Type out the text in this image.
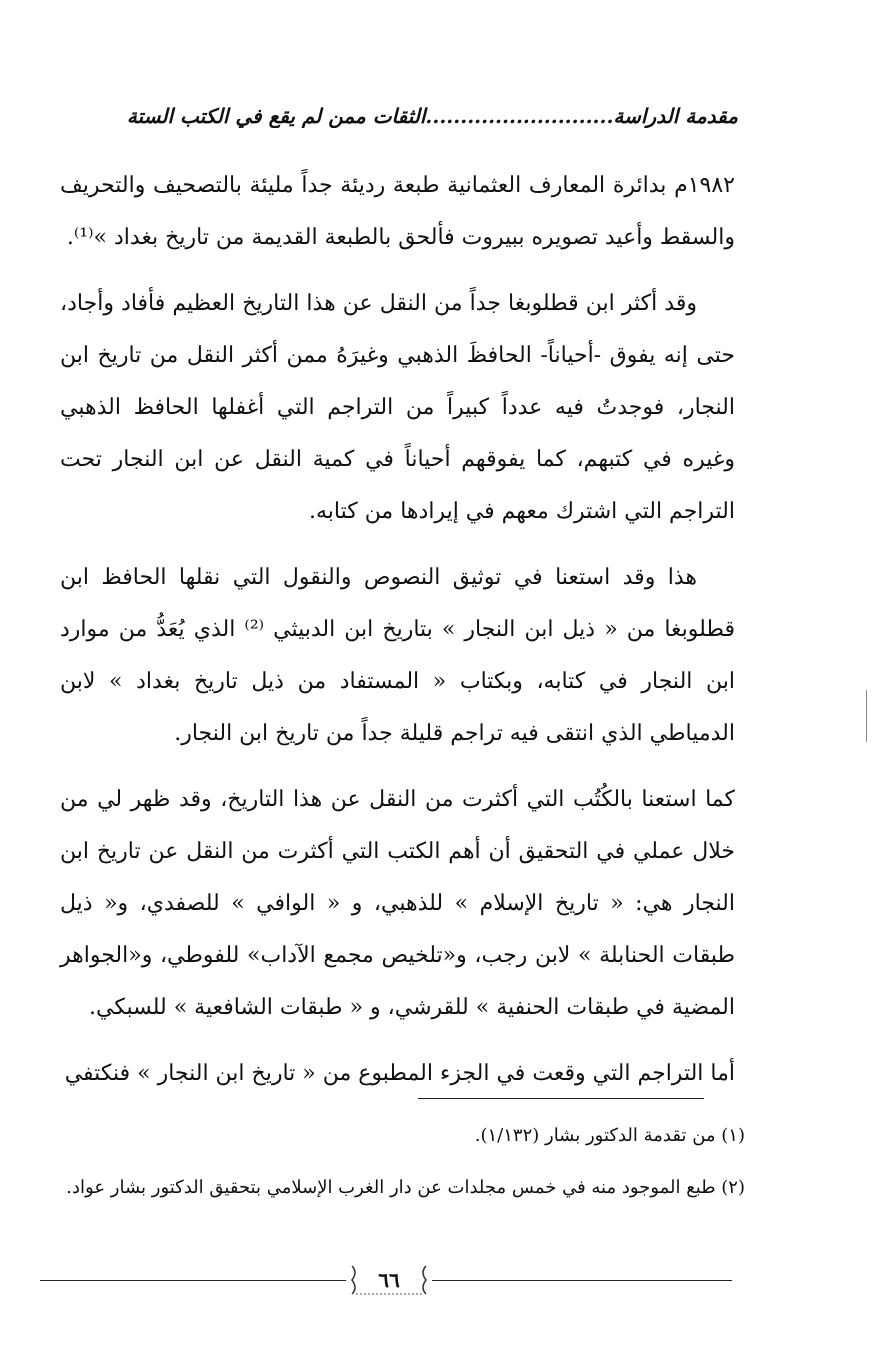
مقدمة الدراسة...........................الثقات ممن لم يقع في الكتب الستة

١٩٨٢م بدائرة المعارف العثمانية طبعة رديئة جداً مليئة بالتصحيف والتحريف والسقط وأعيد تصويره ببيروت فألحق بالطبعة القديمة من تاريخ بغداد »⁽¹⁾.

وقد أكثر ابن قطلوبغا جداً من النقل عن هذا التاريخ العظيم فأفاد وأجاد، حتى إنه يفوق -أحياناً- الحافظَ الذهبي وغيرَهُ ممن أكثر النقل من تاريخ ابن النجار، فوجدتُ فيه عدداً كبيراً من التراجم التي أغفلها الحافظ الذهبي وغيره في كتبهم، كما يفوقهم أحياناً في كمية النقل عن ابن النجار تحت التراجم التي اشترك معهم في إيرادها من كتابه.

هذا وقد استعنا في توثيق النصوص والنقول التي نقلها الحافظ ابن قطلوبغا من « ذيل ابن النجار » بتاريخ ابن الدبيثي ⁽²⁾ الذي يُعَدُّ من موارد ابن النجار في كتابه، وبكتاب « المستفاد من ذيل تاريخ بغداد » لابن الدمياطي الذي انتقى فيه تراجم قليلة جداً من تاريخ ابن النجار.

كما استعنا بالكُتُب التي أكثرت من النقل عن هذا التاريخ، وقد ظهر لي من خلال عملي في التحقيق أن أهم الكتب التي أكثرت من النقل عن تاريخ ابن النجار هي: « تاريخ الإسلام » للذهبي، و « الوافي » للصفدي، و« ذيل طبقات الحنابلة » لابن رجب، و«تلخيص مجمع الآداب» للفوطي، و«الجواهر المضية في طبقات الحنفية » للقرشي، و « طبقات الشافعية » للسبكي.

أما التراجم التي وقعت في الجزء المطبوع من « تاريخ ابن النجار » فنكتفي

(١) من تقدمة الدكتور بشار (١/١٣٢).

(٢) طبع الموجود منه في خمس مجلدات عن دار الغرب الإسلامي بتحقيق الدكتور بشار عواد.

٦٦
